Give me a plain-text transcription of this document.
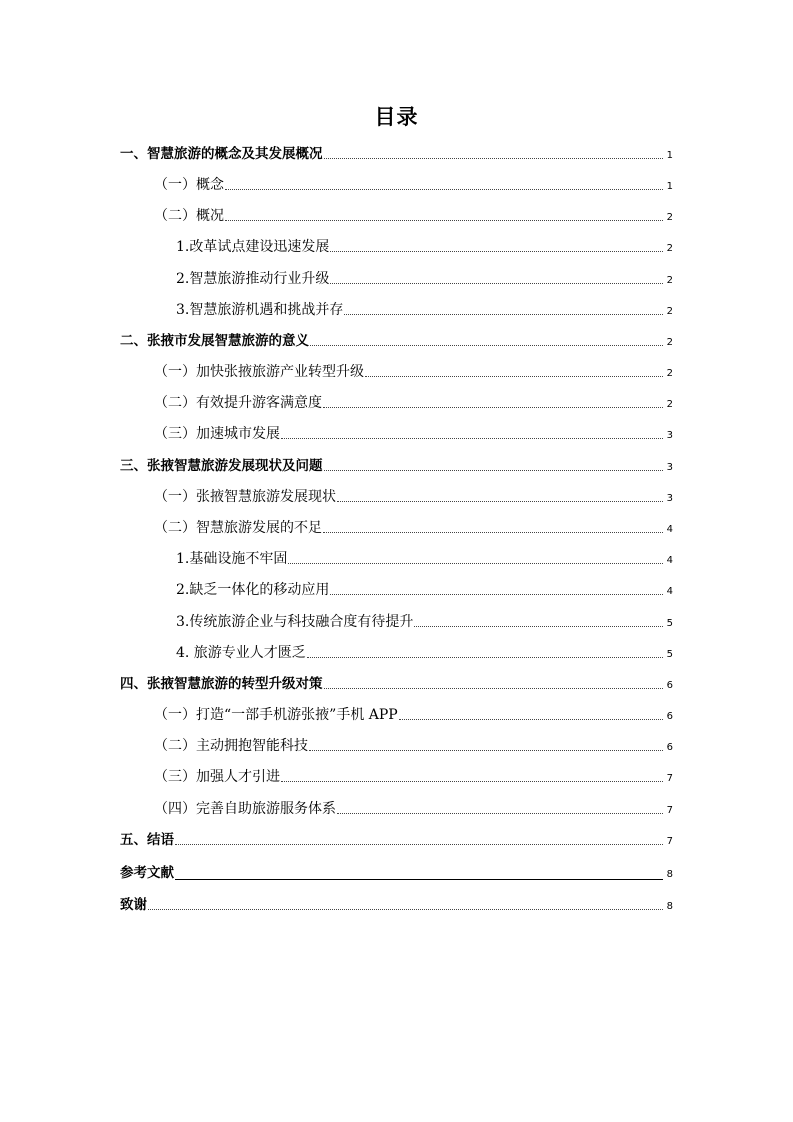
目录
一、智慧旅游的概念及其发展概况	1
（一）概念	1
（二）概况	2
1.改革试点建设迅速发展	2
2.智慧旅游推动行业升级	2
3.智慧旅游机遇和挑战并存	2
二、张掖市发展智慧旅游的意义	2
（一）加快张掖旅游产业转型升级	2
（二）有效提升游客满意度	2
（三）加速城市发展	3
三、张掖智慧旅游发展现状及问题	3
（一）张掖智慧旅游发展现状	3
（二）智慧旅游发展的不足	4
1.基础设施不牢固	4
2.缺乏一体化的移动应用	4
3.传统旅游企业与科技融合度有待提升	5
4. 旅游专业人才匮乏	5
四、张掖智慧旅游的转型升级对策	6
（一）打造“一部手机游张掖”手机 APP	6
（二）主动拥抱智能科技	6
（三）加强人才引进	7
（四）完善自助旅游服务体系	7
五、结语	7
参考文献	8
致谢	8
